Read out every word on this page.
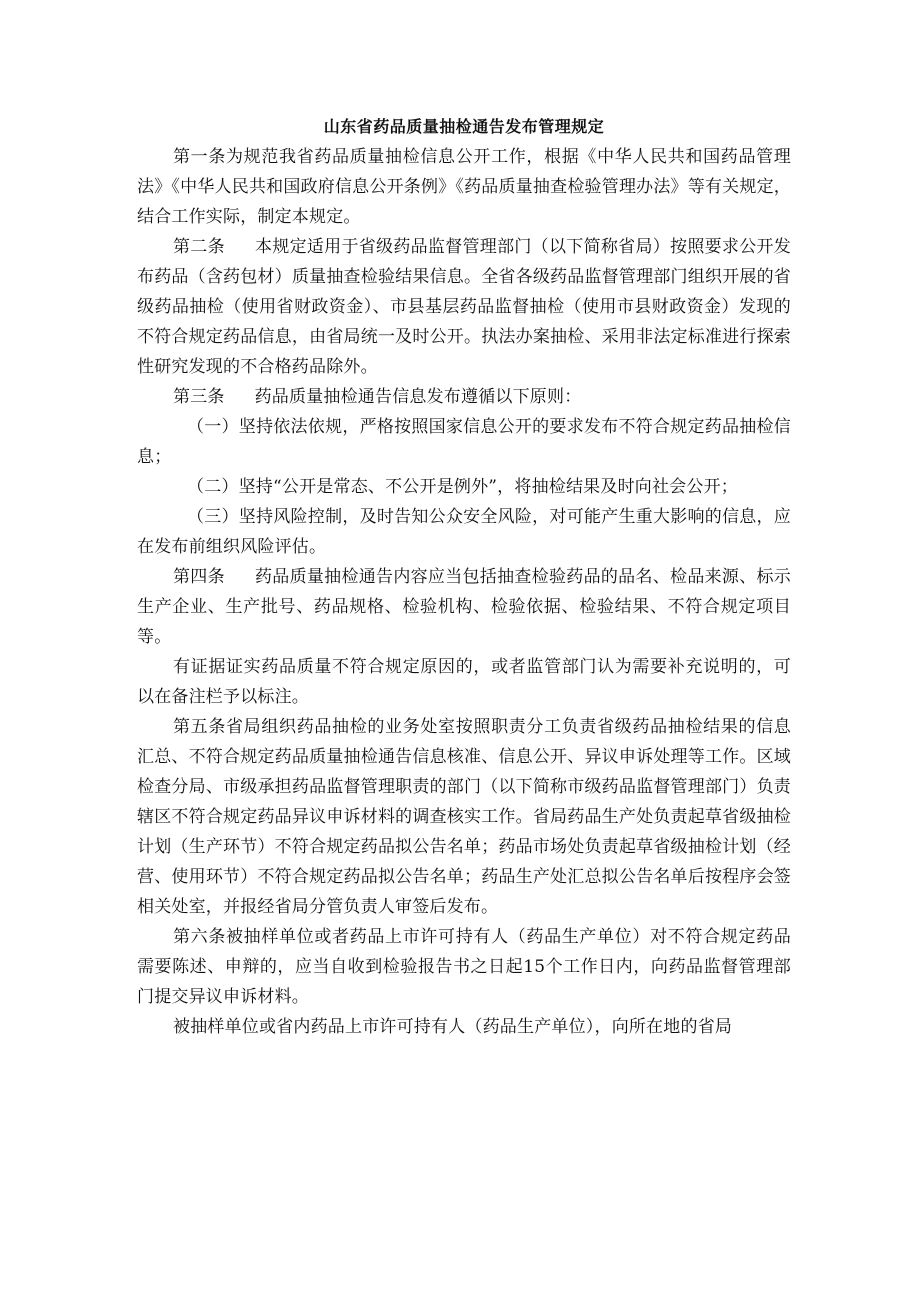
山东省药品质量抽检通告发布管理规定

第一条为规范我省药品质量抽检信息公开工作，根据《中华人民共和国药品管理法》《中华人民共和国政府信息公开条例》《药品质量抽查检验管理办法》等有关规定，结合工作实际，制定本规定。

第二条 本规定适用于省级药品监督管理部门（以下简称省局）按照要求公开发布药品（含药包材）质量抽查检验结果信息。全省各级药品监督管理部门组织开展的省级药品抽检（使用省财政资金）、市县基层药品监督抽检（使用市县财政资金）发现的不符合规定药品信息，由省局统一及时公开。执法办案抽检、采用非法定标准进行探索性研究发现的不合格药品除外。

第三条 药品质量抽检通告信息发布遵循以下原则：

（一）坚持依法依规，严格按照国家信息公开的要求发布不符合规定药品抽检信息；

（二）坚持“公开是常态、不公开是例外”，将抽检结果及时向社会公开；

（三）坚持风险控制，及时告知公众安全风险，对可能产生重大影响的信息，应在发布前组织风险评估。

第四条 药品质量抽检通告内容应当包括抽查检验药品的品名、检品来源、标示生产企业、生产批号、药品规格、检验机构、检验依据、检验结果、不符合规定项目等。

有证据证实药品质量不符合规定原因的，或者监管部门认为需要补充说明的，可以在备注栏予以标注。

第五条省局组织药品抽检的业务处室按照职责分工负责省级药品抽检结果的信息汇总、不符合规定药品质量抽检通告信息核准、信息公开、异议申诉处理等工作。区域检查分局、市级承担药品监督管理职责的部门（以下简称市级药品监督管理部门）负责辖区不符合规定药品异议申诉材料的调查核实工作。省局药品生产处负责起草省级抽检计划（生产环节）不符合规定药品拟公告名单；药品市场处负责起草省级抽检计划（经营、使用环节）不符合规定药品拟公告名单；药品生产处汇总拟公告名单后按程序会签相关处室，并报经省局分管负责人审签后发布。

第六条被抽样单位或者药品上市许可持有人（药品生产单位）对不符合规定药品需要陈述、申辩的，应当自收到检验报告书之日起15个工作日内，向药品监督管理部门提交异议申诉材料。

被抽样单位或省内药品上市许可持有人（药品生产单位），向所在地的省局
